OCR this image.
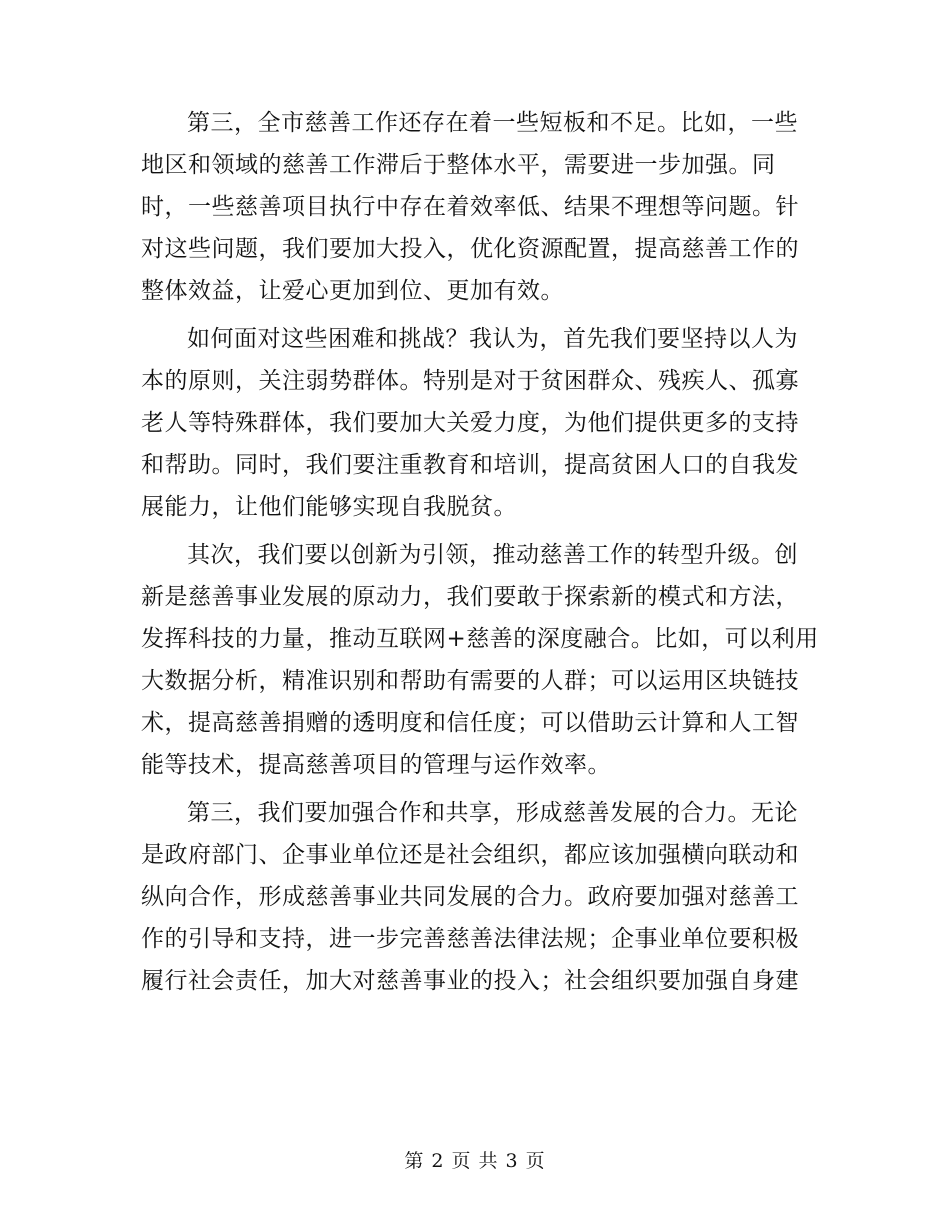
第三，全市慈善工作还存在着一些短板和不足。比如，一些
地区和领域的慈善工作滞后于整体水平，需要进一步加强。同
时，一些慈善项目执行中存在着效率低、结果不理想等问题。针
对这些问题，我们要加大投入，优化资源配置，提高慈善工作的
整体效益，让爱心更加到位、更加有效。
如何面对这些困难和挑战？我认为，首先我们要坚持以人为
本的原则，关注弱势群体。特别是对于贫困群众、残疾人、孤寡
老人等特殊群体，我们要加大关爱力度，为他们提供更多的支持
和帮助。同时，我们要注重教育和培训，提高贫困人口的自我发
展能力，让他们能够实现自我脱贫。
其次，我们要以创新为引领，推动慈善工作的转型升级。创
新是慈善事业发展的原动力，我们要敢于探索新的模式和方法，
发挥科技的力量，推动互联网+慈善的深度融合。比如，可以利用
大数据分析，精准识别和帮助有需要的人群；可以运用区块链技
术，提高慈善捐赠的透明度和信任度；可以借助云计算和人工智
能等技术，提高慈善项目的管理与运作效率。
第三，我们要加强合作和共享，形成慈善发展的合力。无论
是政府部门、企事业单位还是社会组织，都应该加强横向联动和
纵向合作，形成慈善事业共同发展的合力。政府要加强对慈善工
作的引导和支持，进一步完善慈善法律法规；企事业单位要积极
履行社会责任，加大对慈善事业的投入；社会组织要加强自身建
第 2 页 共 3 页
